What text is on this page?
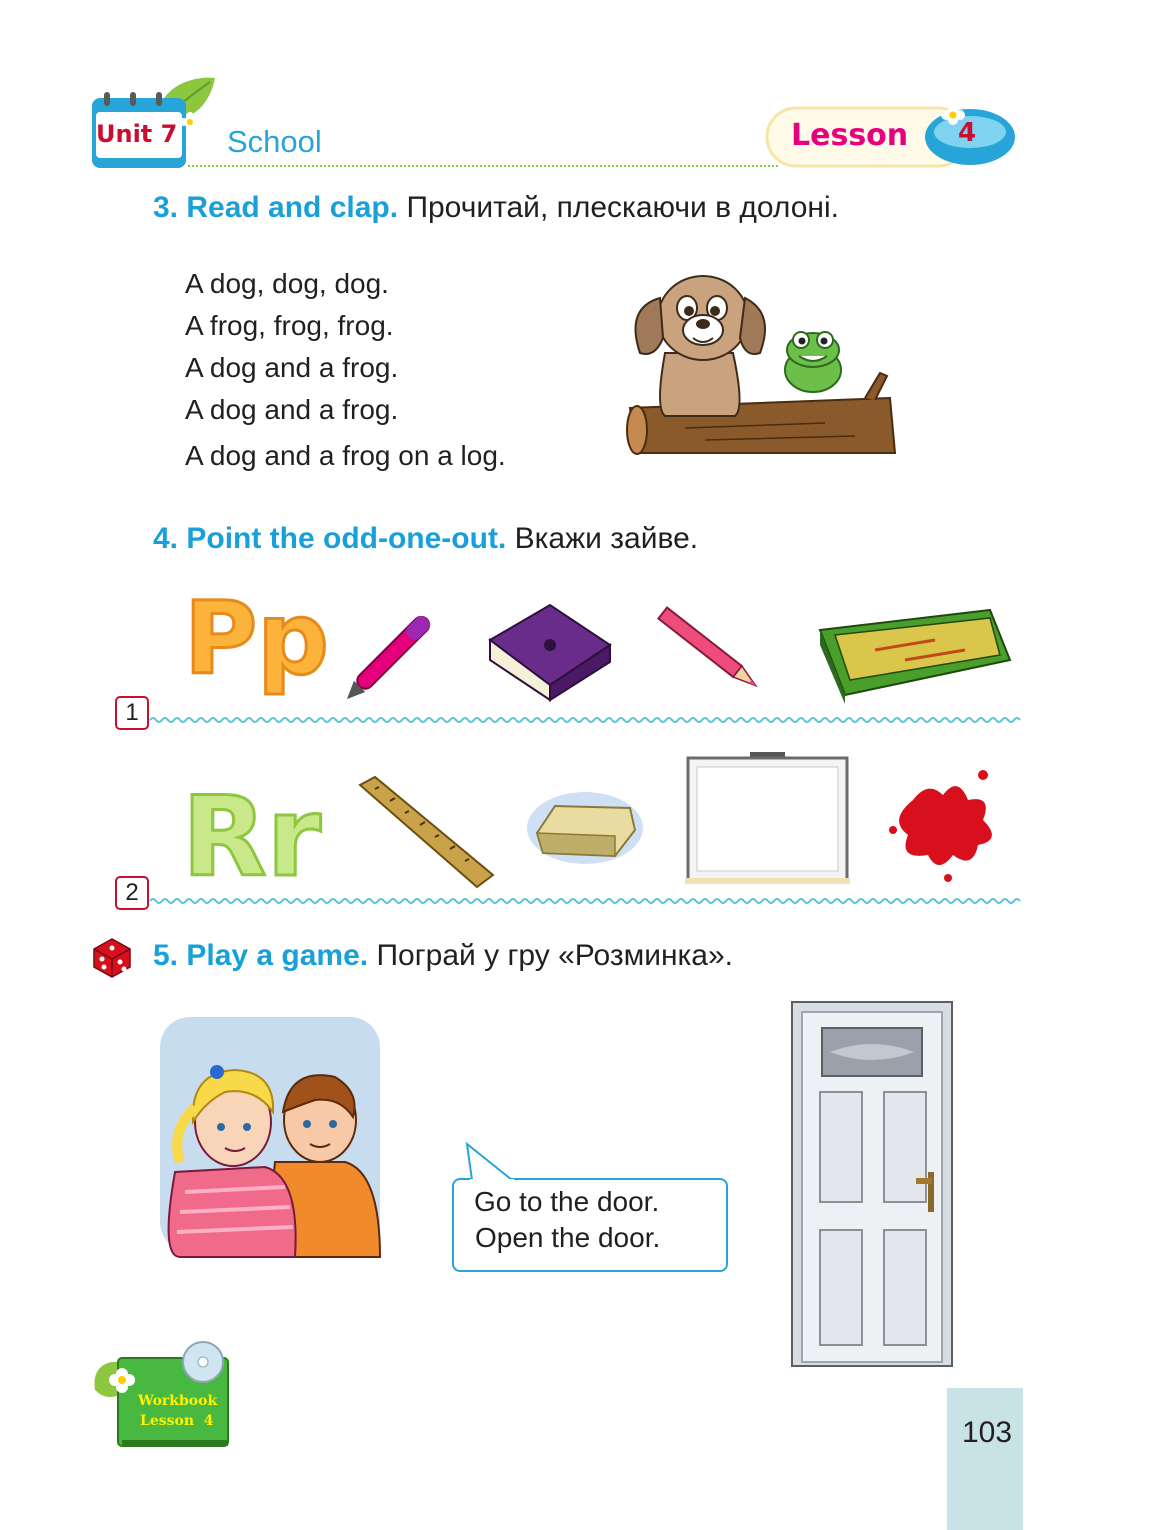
Unit 7 School	Lesson 4
3. Read and clap. Прочитай, плескаючи в долоні.
A dog, dog, dog.
A frog, frog, frog.
A dog and a frog.
A dog and a frog.
A dog and a frog on a log.
4. Point the odd-one-out. Вкажи зайве.
Pp
1
Rr
2
5. Play a game. Пограй у гру «Розминка».
Go to the door.
Open the door.
Workbook
Lesson  4	103
